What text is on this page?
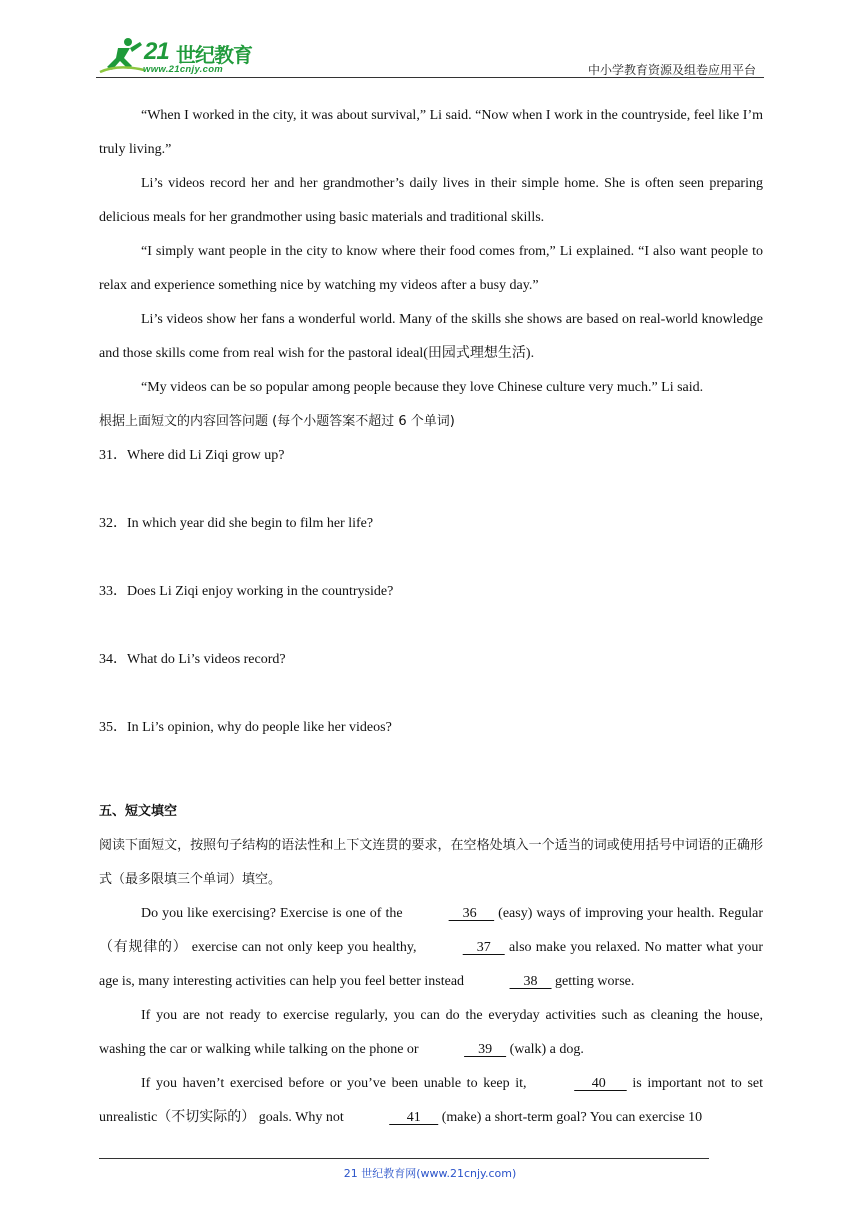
21 世纪教育
www.21cnjy.com	中小学教育资源及组卷应用平台

“When I worked in the city, it was about survival,” Li said. “Now when I work in the countryside, feel like I’m truly living.”

Li’s videos record her and her grandmother’s daily lives in their simple home. She is often seen preparing delicious meals for her grandmother using basic materials and traditional skills.

“I simply want people in the city to know where their food comes from,” Li explained. “I also want people to relax and experience something nice by watching my videos after a busy day.”

Li’s videos show her fans a wonderful world. Many of the skills she shows are based on real-world knowledge and those skills come from real wish for the pastoral ideal(田园式理想生活).

“My videos can be so popular among people because they love Chinese culture very much.” Li said.

根据上面短文的内容回答问题 (每个小题答案不超过 6 个单词)

31．Where did Li Ziqi grow up?

32．In which year did she begin to film her life?

33．Does Li Ziqi enjoy working in the countryside?

34．What do Li’s videos record?

35．In Li’s opinion, why do people like her videos?

五、短文填空

阅读下面短文，按照句子结构的语法性和上下文连贯的要求，在空格处填入一个适当的词或使用括号中词语的正确形式（最多限填三个单词）填空。

Do you like exercising? Exercise is one of the	36      (easy) ways of improving your health. Regular（有规律的） exercise can not only keep you healthy,	37     also make you relaxed. No matter what your age is, many interesting activities can help you feel better instead	38     getting worse.

If you are not ready to exercise regularly, you can do the everyday activities such as cleaning the house, washing the car or walking while talking on the phone or	39     (walk) a dog.

If you haven’t exercised before or you’ve been unable to keep it,	40       is important not to set unrealistic（不切实际的） goals. Why not	41      (make) a short-term goal? You can exercise 10

21 世纪教育网(www.21cnjy.com)
